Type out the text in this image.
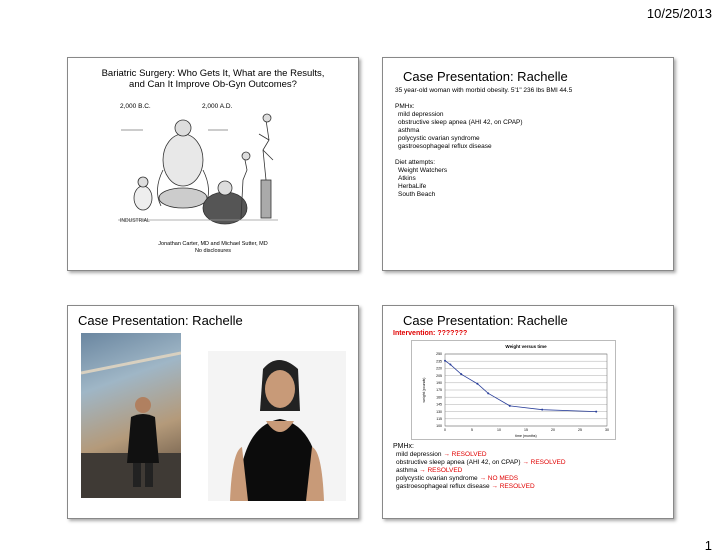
10/25/2013
Bariatric Surgery: Who Gets It, What are the Results,
and Can It Improve Ob-Gyn Outcomes?
2,000 B.C.	2,000 A.D.
INDUSTRIAL
Jonathan Carter, MD and Michael Sutter, MD
No disclosures
Case Presentation: Rachelle
35 year-old woman with morbid obesity. 5'1" 236 lbs BMI 44.5
PMHx:
mild depression
obstructive sleep apnea (AHI 42, on CPAP)
asthma
polycystic ovarian syndrome
gastroesophageal reflux disease
Diet attempts:
Weight Watchers
Atkins
HerbaLife
South Beach
Case Presentation: Rachelle	Case Presentation: Rachelle
Intervention: ???????
Weight versus time
250
235
220
205
190
175
160
145
130
115
100
0	5	10	15	20	25	30
time (months)
weight (pounds)
PMHx:
mild depression → RESOLVED
obstructive sleep apnea (AHI 42, on CPAP) → RESOLVED
asthma → RESOLVED
polycystic ovarian syndrome → NO MEDS
gastroesophageal reflux disease → RESOLVED
1
